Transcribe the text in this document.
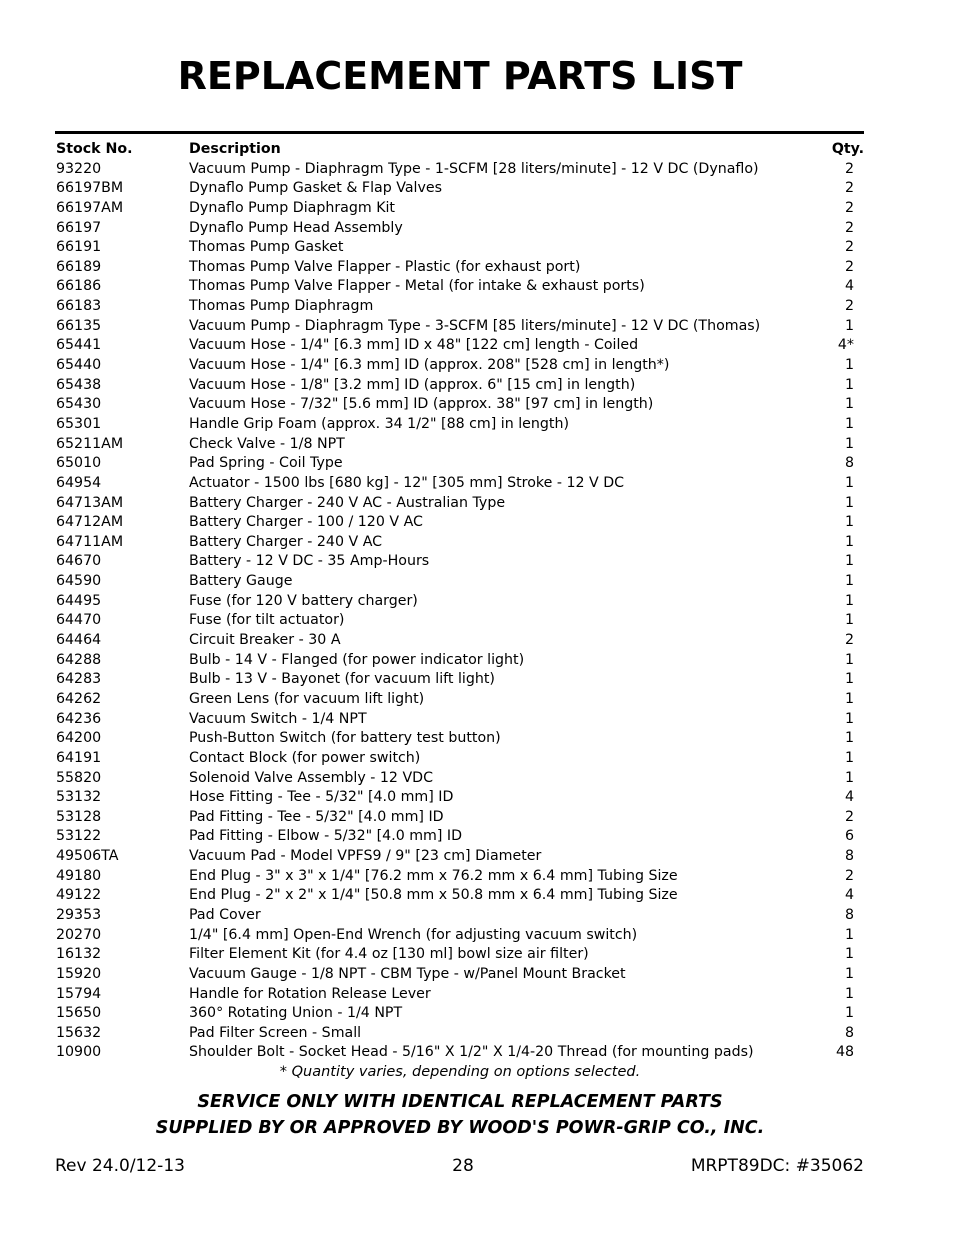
REPLACEMENT PARTS LIST
Stock No.	Description	Qty.
93220	Vacuum Pump - Diaphragm Type - 1-SCFM [28 liters/minute] - 12 V DC (Dynaflo)	2
66197BM	Dynaflo Pump Gasket & Flap Valves	2
66197AM	Dynaflo Pump Diaphragm Kit	2
66197	Dynaflo Pump Head Assembly	2
66191	Thomas Pump Gasket	2
66189	Thomas Pump Valve Flapper - Plastic (for exhaust port)	2
66186	Thomas Pump Valve Flapper - Metal (for intake & exhaust ports)	4
66183	Thomas Pump Diaphragm	2
66135	Vacuum Pump - Diaphragm Type - 3-SCFM [85 liters/minute] - 12 V DC (Thomas)	1
65441	Vacuum Hose - 1/4" [6.3 mm] ID x 48" [122 cm] length - Coiled	4*
65440	Vacuum Hose - 1/4" [6.3 mm] ID (approx. 208" [528 cm] in length*)	1
65438	Vacuum Hose - 1/8" [3.2 mm] ID (approx. 6" [15 cm] in length)	1
65430	Vacuum Hose - 7/32" [5.6 mm] ID (approx. 38" [97 cm] in length)	1
65301	Handle Grip Foam (approx. 34 1/2" [88 cm] in length)	1
65211AM	Check Valve - 1/8 NPT	1
65010	Pad Spring - Coil Type	8
64954	Actuator - 1500 lbs [680 kg] - 12" [305 mm] Stroke - 12 V DC	1
64713AM	Battery Charger - 240 V AC - Australian Type	1
64712AM	Battery Charger - 100 / 120 V AC	1
64711AM	Battery Charger - 240 V AC	1
64670	Battery - 12 V DC - 35 Amp-Hours	1
64590	Battery Gauge	1
64495	Fuse (for 120 V battery charger)	1
64470	Fuse (for tilt actuator)	1
64464	Circuit Breaker - 30 A	2
64288	Bulb - 14 V - Flanged (for power indicator light)	1
64283	Bulb - 13 V - Bayonet (for vacuum lift light)	1
64262	Green Lens (for vacuum lift light)	1
64236	Vacuum Switch - 1/4 NPT	1
64200	Push-Button Switch (for battery test button)	1
64191	Contact Block (for power switch)	1
55820	Solenoid Valve Assembly - 12 VDC	1
53132	Hose Fitting - Tee - 5/32" [4.0 mm] ID	4
53128	Pad Fitting - Tee - 5/32" [4.0 mm] ID	2
53122	Pad Fitting - Elbow - 5/32" [4.0 mm] ID	6
49506TA	Vacuum Pad - Model VPFS9 / 9" [23 cm] Diameter	8
49180	End Plug - 3" x 3" x 1/4" [76.2 mm x 76.2 mm x 6.4 mm] Tubing Size	2
49122	End Plug - 2" x 2" x 1/4" [50.8 mm x 50.8 mm x 6.4 mm] Tubing Size	4
29353	Pad Cover	8
20270	1/4" [6.4 mm] Open-End Wrench (for adjusting vacuum switch)	1
16132	Filter Element Kit (for 4.4 oz [130 ml] bowl size air filter)	1
15920	Vacuum Gauge - 1/8 NPT - CBM Type - w/Panel Mount Bracket	1
15794	Handle for Rotation Release Lever	1
15650	360° Rotating Union - 1/4 NPT	1
15632	Pad Filter Screen - Small	8
10900	Shoulder Bolt - Socket Head - 5/16" X 1/2" X 1/4-20 Thread (for mounting pads)	48
* Quantity varies, depending on options selected.
SERVICE ONLY WITH IDENTICAL REPLACEMENT PARTS
SUPPLIED BY OR APPROVED BY WOOD'S POWR-GRIP CO., INC.
Rev 24.0/12-13	28	MRPT89DC: #35062
